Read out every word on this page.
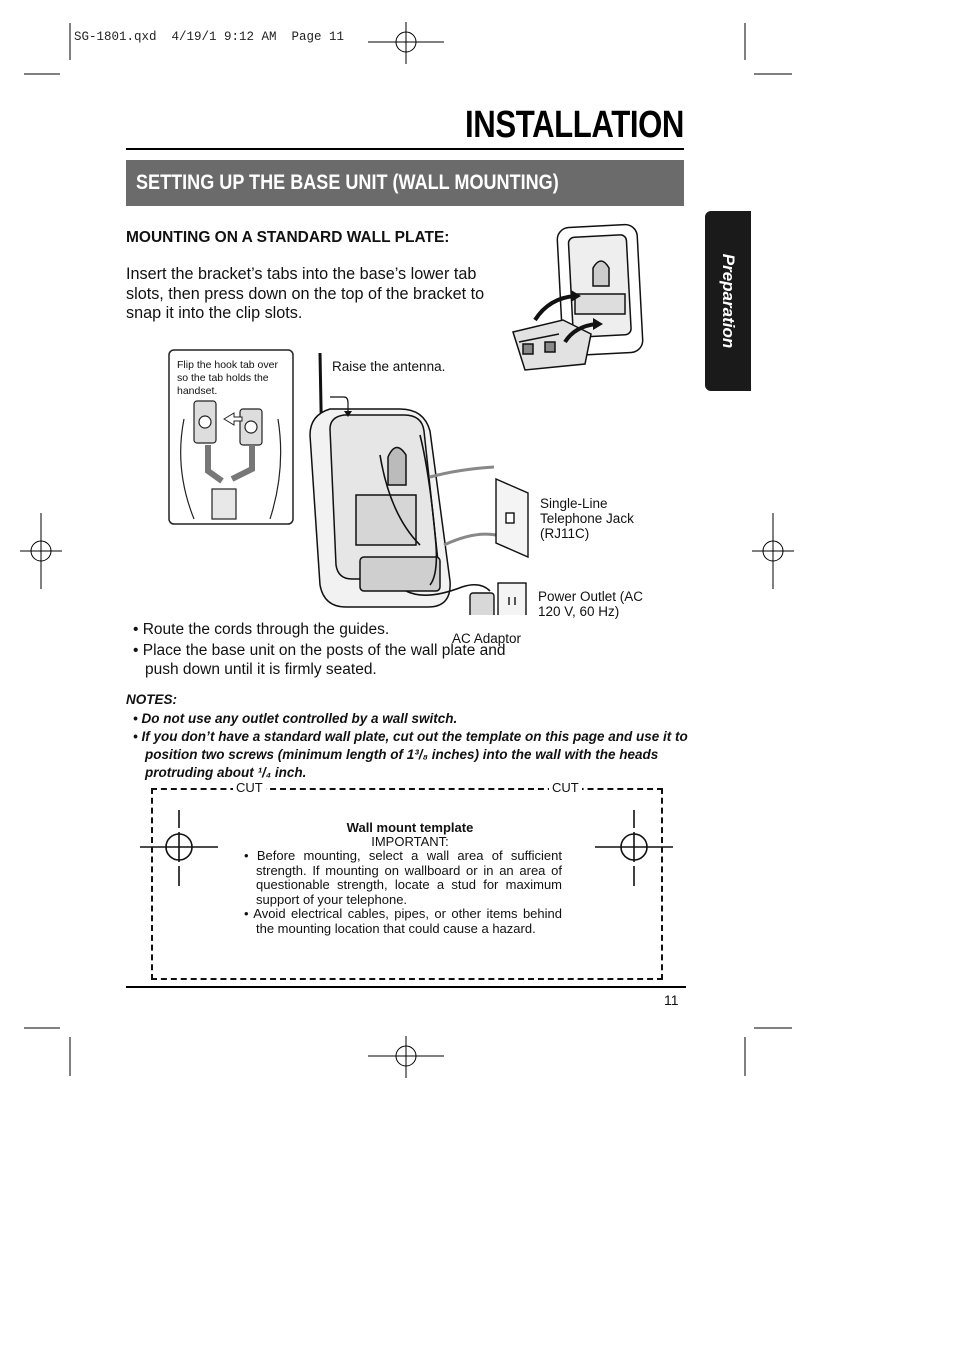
SG-1801.qxd  4/19/1 9:12 AM  Page 11
INSTALLATION
SETTING UP THE BASE UNIT (WALL MOUNTING)
Preparation
MOUNTING ON A STANDARD WALL PLATE:
Insert the bracket’s tabs into the base’s lower tab slots, then press down on the top of the bracket to snap it into the clip slots.
Flip the hook tab over so the tab holds the handset.
Raise the antenna.
Single-Line Telephone Jack (RJ11C)
Power Outlet (AC 120 V, 60 Hz)
AC Adaptor
• Route the cords through the guides.
• Place the base unit on the posts of the wall plate and push down until it is firmly seated.
NOTES:
• Do not use any outlet controlled by a wall switch.
• If you don’t have a standard wall plate, cut out the template on this page and use it to position two screws (minimum length of 1³/₈ inches) into the wall with the heads protruding about ¹/₄ inch.
CUT	CUT
Wall mount template
IMPORTANT:
• Before mounting, select a wall area of sufficient strength. If mounting on wallboard or in an area of questionable strength, locate a stud for maximum support of your telephone.
• Avoid electrical cables, pipes, or other items behind the mounting location that could cause a hazard.
11
